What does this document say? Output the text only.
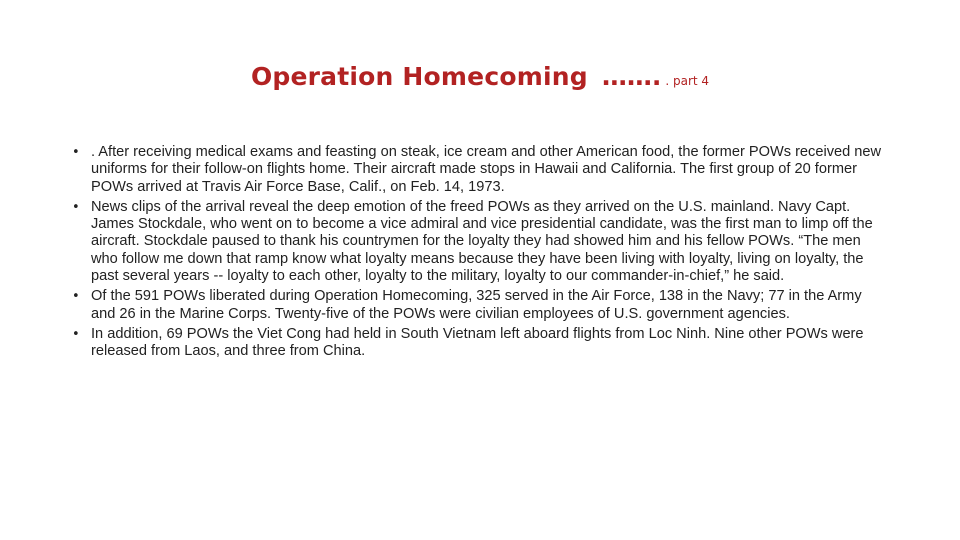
Operation Homecoming ……. . part 4
• . After receiving medical exams and feasting on steak, ice cream and other American food, the former POWs received new uniforms for their follow-on flights home. Their aircraft made stops in Hawaii and California. The first group of 20 former POWs arrived at Travis Air Force Base, Calif., on Feb. 14, 1973.
• News clips of the arrival reveal the deep emotion of the freed POWs as they arrived on the U.S. mainland. Navy Capt. James Stockdale, who went on to become a vice admiral and vice presidential candidate, was the first man to limp off the aircraft. Stockdale paused to thank his countrymen for the loyalty they had showed him and his fellow POWs. “The men who follow me down that ramp know what loyalty means because they have been living with loyalty, living on loyalty, the past several years -- loyalty to each other, loyalty to the military, loyalty to our commander-in-chief,” he said.
• Of the 591 POWs liberated during Operation Homecoming, 325 served in the Air Force, 138 in the Navy; 77 in the Army and 26 in the Marine Corps. Twenty-five of the POWs were civilian employees of U.S. government agencies.
• In addition, 69 POWs the Viet Cong had held in South Vietnam left aboard flights from Loc Ninh. Nine other POWs were released from Laos, and three from China.
